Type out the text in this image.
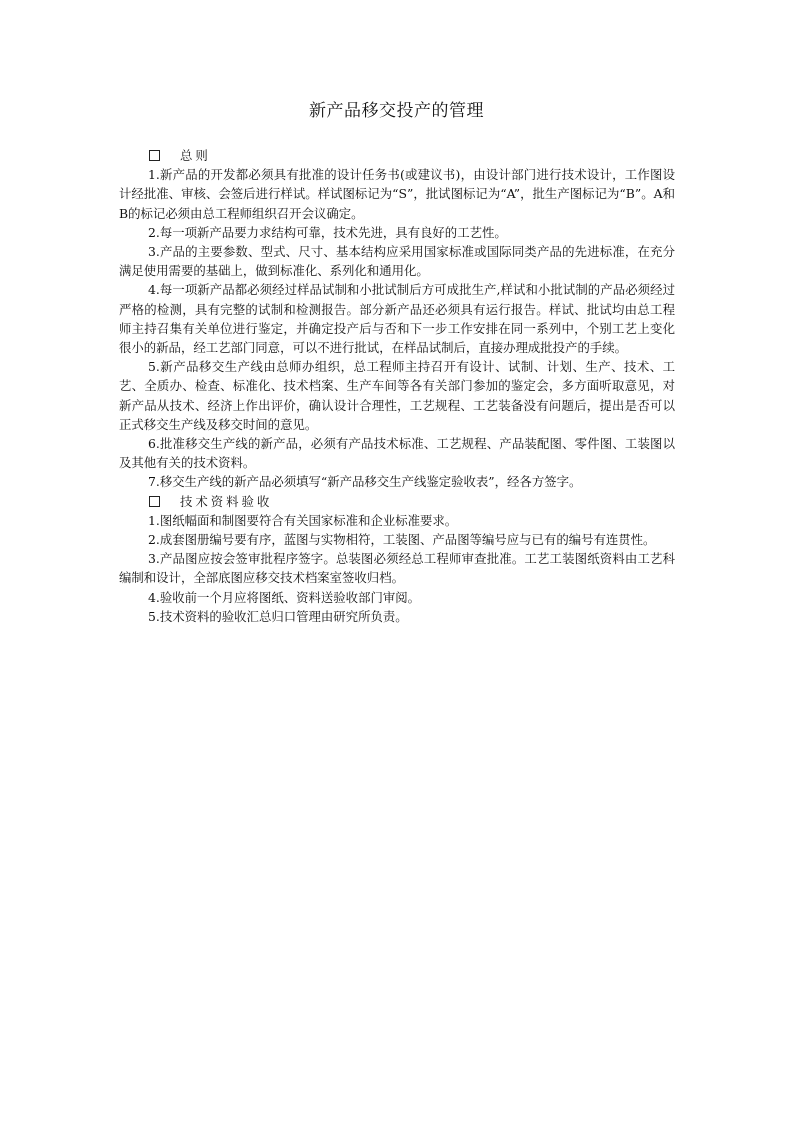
新产品移交投产的管理
总则

1.新产品的开发都必须具有批准的设计任务书(或建议书)，由设计部门进行技术设计，工作图设计经批准、审核、会签后进行样试。样试图标记为“S”，批试图标记为“A”，批生产图标记为“B”。A和B的标记必须由总工程师组织召开会议确定。

2.每一项新产品要力求结构可靠，技术先进，具有良好的工艺性。

3.产品的主要参数、型式、尺寸、基本结构应采用国家标准或国际同类产品的先进标准，在充分满足使用需要的基础上，做到标准化、系列化和通用化。

4.每一项新产品都必须经过样品试制和小批试制后方可成批生产,样试和小批试制的产品必须经过严格的检测，具有完整的试制和检测报告。部分新产品还必须具有运行报告。样试、批试均由总工程师主持召集有关单位进行鉴定，并确定投产后与否和下一步工作安排在同一系列中，个别工艺上变化很小的新品，经工艺部门同意，可以不进行批试，在样品试制后，直接办理成批投产的手续。

5.新产品移交生产线由总师办组织，总工程师主持召开有设计、试制、计划、生产、技术、工艺、全质办、检查、标准化、技术档案、生产车间等各有关部门参加的鉴定会，多方面听取意见，对新产品从技术、经济上作出评价，确认设计合理性，工艺规程、工艺装备没有问题后，提出是否可以正式移交生产线及移交时间的意见。

6.批准移交生产线的新产品，必须有产品技术标准、工艺规程、产品装配图、零件图、工装图以及其他有关的技术资料。

7.移交生产线的新产品必须填写“新产品移交生产线鉴定验收表”，经各方签字。

技术资料验收

1.图纸幅面和制图要符合有关国家标准和企业标准要求。

2.成套图册编号要有序，蓝图与实物相符，工装图、产品图等编号应与已有的编号有连贯性。

3.产品图应按会签审批程序签字。总装图必须经总工程师审查批准。工艺工装图纸资料由工艺科编制和设计，全部底图应移交技术档案室签收归档。

4.验收前一个月应将图纸、资料送验收部门审阅。

5.技术资料的验收汇总归口管理由研究所负责。
